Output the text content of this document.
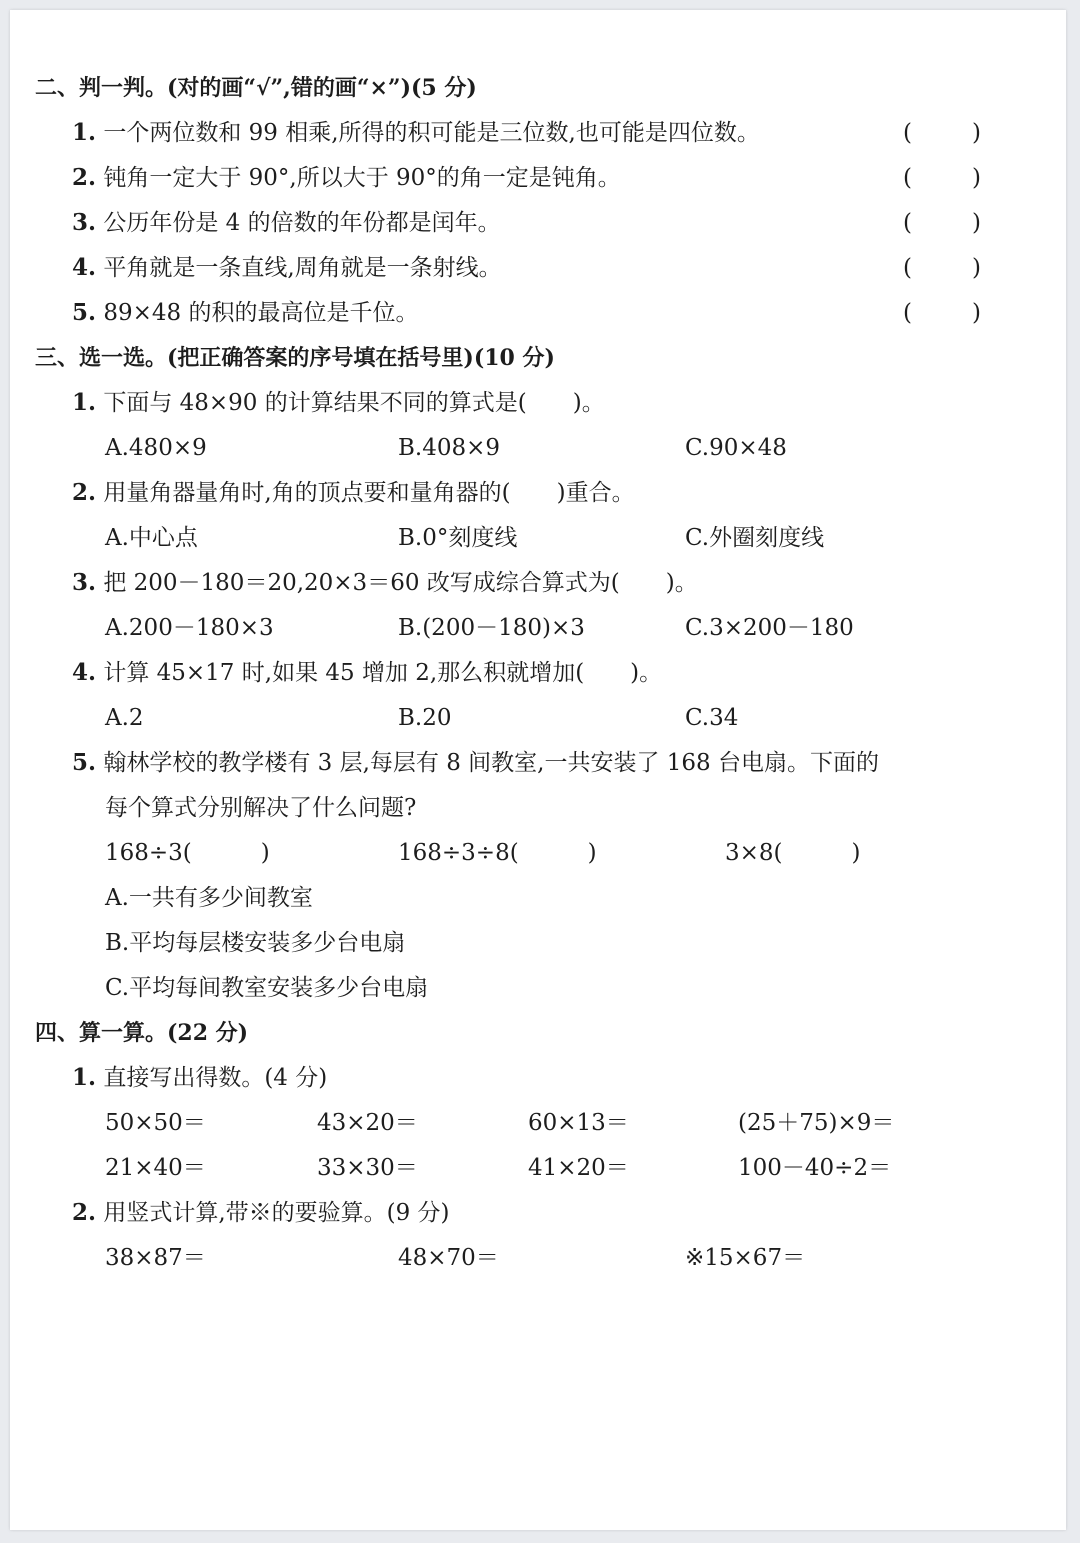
二、判一判。(对的画“√”,错的画“×”)(5 分)
1. 一个两位数和 99 相乘,所得的积可能是三位数,也可能是四位数。	(	)
2. 钝角一定大于 90°,所以大于 90°的角一定是钝角。	(	)
3. 公历年份是 4 的倍数的年份都是闰年。	(	)
4. 平角就是一条直线,周角就是一条射线。	(	)
5. 89×48 的积的最高位是千位。	(	)
三、选一选。(把正确答案的序号填在括号里)(10 分)
1. 下面与 48×90 的计算结果不同的算式是(　　)。
A.480×9	B.408×9	C.90×48
2. 用量角器量角时,角的顶点要和量角器的(　　)重合。
A.中心点	B.0°刻度线	C.外圈刻度线
3. 把 200－180＝20,20×3＝60 改写成综合算式为(　　)。
A.200－180×3	B.(200－180)×3	C.3×200－180
4. 计算 45×17 时,如果 45 增加 2,那么积就增加(　　)。
A.2	B.20	C.34
5. 翰林学校的教学楼有 3 层,每层有 8 间教室,一共安装了 168 台电扇。下面的
每个算式分别解决了什么问题?
168÷3(　　　)	168÷3÷8(　　　)	3×8(　　　)
A.一共有多少间教室
B.平均每层楼安装多少台电扇
C.平均每间教室安装多少台电扇
四、算一算。(22 分)
1. 直接写出得数。(4 分)
50×50＝	43×20＝	60×13＝	(25＋75)×9＝
21×40＝	33×30＝	41×20＝	100－40÷2＝
2. 用竖式计算,带※的要验算。(9 分)
38×87＝	48×70＝	※15×67＝
